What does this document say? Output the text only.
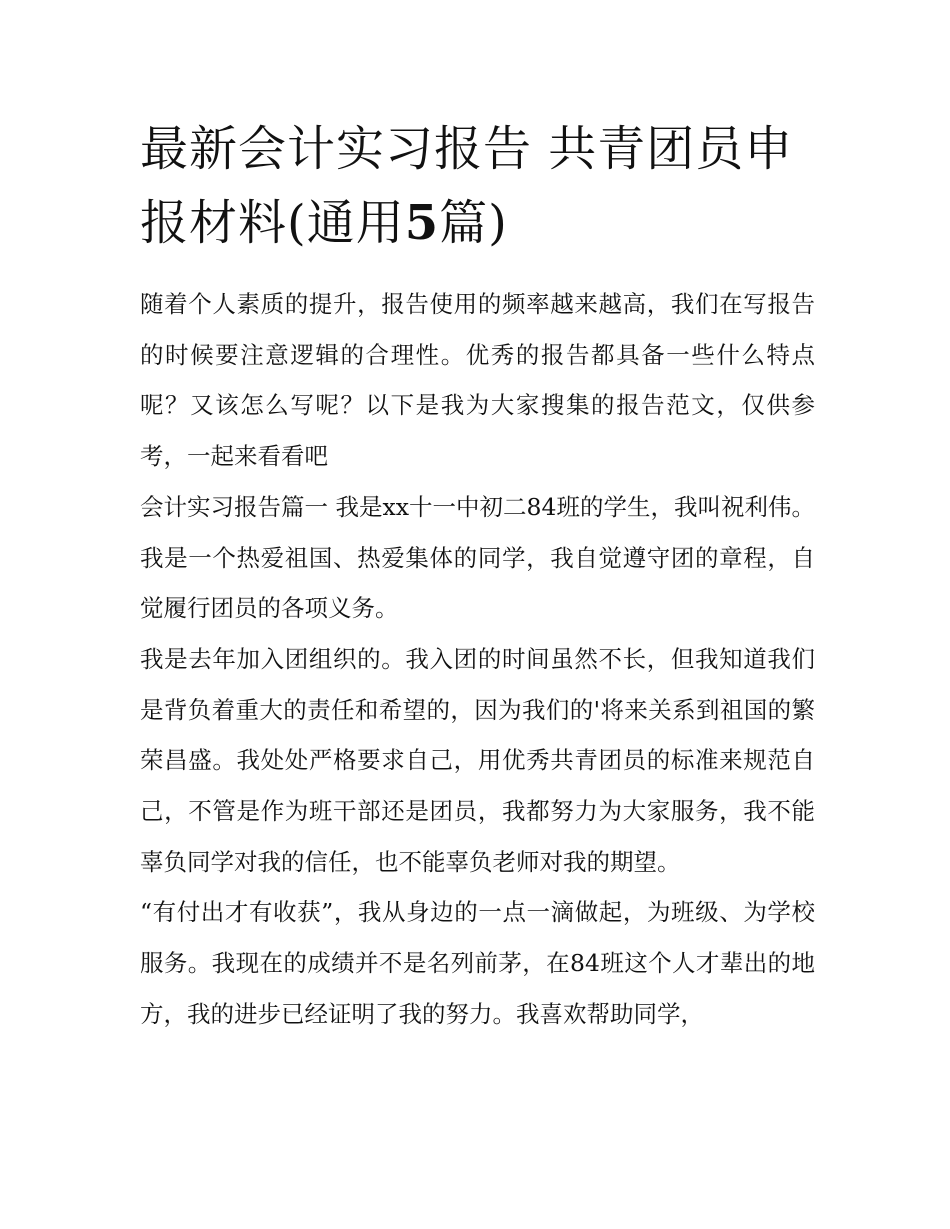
最新会计实习报告 共青团员申报材料(通用5篇)

随着个人素质的提升，报告使用的频率越来越高，我们在写报告的时候要注意逻辑的合理性。优秀的报告都具备一些什么特点呢？又该怎么写呢？以下是我为大家搜集的报告范文，仅供参考，一起来看看吧

会计实习报告篇一 我是xx十一中初二84班的学生，我叫祝利伟。我是一个热爱祖国、热爱集体的同学，我自觉遵守团的章程，自觉履行团员的各项义务。

我是去年加入团组织的。我入团的时间虽然不长，但我知道我们是背负着重大的责任和希望的，因为我们的'将来关系到祖国的繁荣昌盛。我处处严格要求自己，用优秀共青团员的标准来规范自己，不管是作为班干部还是团员，我都努力为大家服务，我不能辜负同学对我的信任，也不能辜负老师对我的期望。

“有付出才有收获”，我从身边的一点一滴做起，为班级、为学校服务。我现在的成绩并不是名列前茅，在84班这个人才辈出的地方，我的进步已经证明了我的努力。我喜欢帮助同学，
